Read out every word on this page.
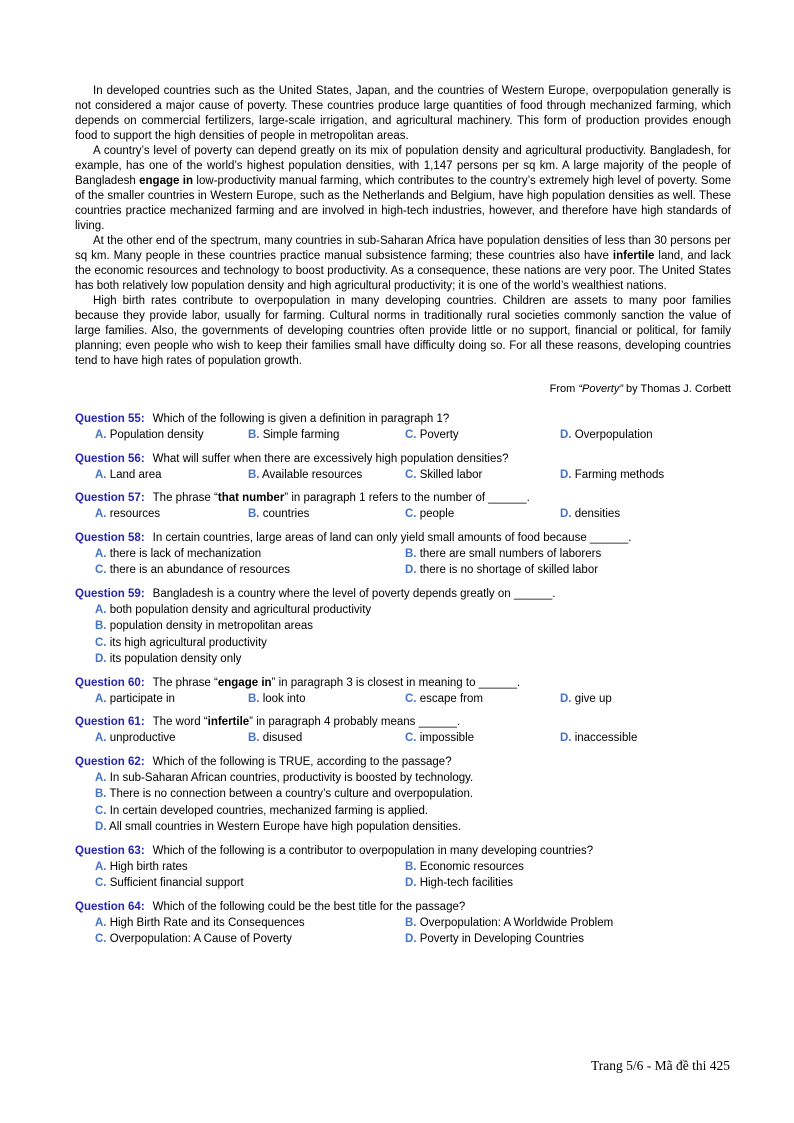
In developed countries such as the United States, Japan, and the countries of Western Europe, overpopulation generally is not considered a major cause of poverty. These countries produce large quantities of food through mechanized farming, which depends on commercial fertilizers, large-scale irrigation, and agricultural machinery. This form of production provides enough food to support the high densities of people in metropolitan areas.

A country’s level of poverty can depend greatly on its mix of population density and agricultural productivity. Bangladesh, for example, has one of the world’s highest population densities, with 1,147 persons per sq km. A large majority of the people of Bangladesh engage in low-productivity manual farming, which contributes to the country’s extremely high level of poverty. Some of the smaller countries in Western Europe, such as the Netherlands and Belgium, have high population densities as well. These countries practice mechanized farming and are involved in high-tech industries, however, and therefore have high standards of living.

At the other end of the spectrum, many countries in sub-Saharan Africa have population densities of less than 30 persons per sq km. Many people in these countries practice manual subsistence farming; these countries also have infertile land, and lack the economic resources and technology to boost productivity. As a consequence, these nations are very poor. The United States has both relatively low population density and high agricultural productivity; it is one of the world’s wealthiest nations.

High birth rates contribute to overpopulation in many developing countries. Children are assets to many poor families because they provide labor, usually for farming. Cultural norms in traditionally rural societies commonly sanction the value of large families. Also, the governments of developing countries often provide little or no support, financial or political, for family planning; even people who wish to keep their families small have difficulty doing so. For all these reasons, developing countries tend to have high rates of population growth.

From “Poverty” by Thomas J. Corbett

Question 55: Which of the following is given a definition in paragraph 1?

A. Population density	B. Simple farming	C. Poverty	D. Overpopulation

Question 56: What will suffer when there are excessively high population densities?

A. Land area	B. Available resources	C. Skilled labor	D. Farming methods

Question 57: The phrase “that number” in paragraph 1 refers to the number of ______.

A. resources	B. countries	C. people	D. densities

Question 58: In certain countries, large areas of land can only yield small amounts of food because ______.

A. there is lack of mechanization	B. there are small numbers of laborers
C. there is an abundance of resources	D. there is no shortage of skilled labor

Question 59: Bangladesh is a country where the level of poverty depends greatly on ______.

A. both population density and agricultural productivity
B. population density in metropolitan areas
C. its high agricultural productivity
D. its population density only

Question 60: The phrase “engage in” in paragraph 3 is closest in meaning to ______.

A. participate in	B. look into	C. escape from	D. give up

Question 61: The word “infertile” in paragraph 4 probably means ______.

A. unproductive	B. disused	C. impossible	D. inaccessible

Question 62: Which of the following is TRUE, according to the passage?

A. In sub-Saharan African countries, productivity is boosted by technology.
B. There is no connection between a country’s culture and overpopulation.
C. In certain developed countries, mechanized farming is applied.
D. All small countries in Western Europe have high population densities.

Question 63: Which of the following is a contributor to overpopulation in many developing countries?

A. High birth rates	B. Economic resources
C. Sufficient financial support	D. High-tech facilities

Question 64: Which of the following could be the best title for the passage?

A. High Birth Rate and its Consequences	B. Overpopulation: A Worldwide Problem
C. Overpopulation: A Cause of Poverty	D. Poverty in Developing Countries
Trang 5/6 - Mã đề thi 425
